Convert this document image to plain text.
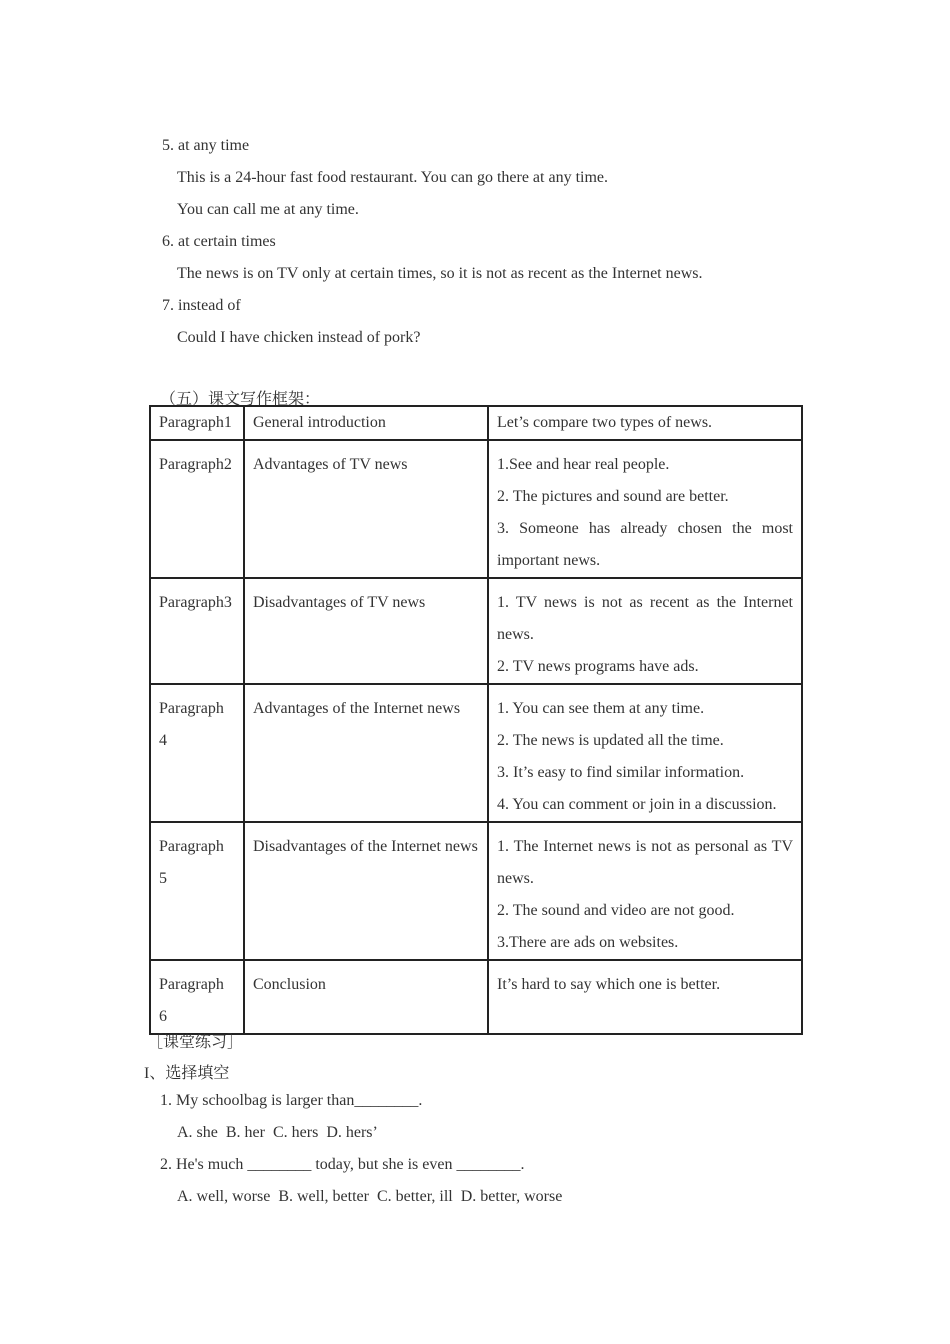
5. at any time
This is a 24-hour fast food restaurant. You can go there at any time.
You can call me at any time.
6. at certain times
The news is on TV only at certain times, so it is not as recent as the Internet news.
7. instead of
Could I have chicken instead of pork?
（五）课文写作框架：
Paragraph1	General introduction	Let’s compare two types of news.

Paragraph2	Advantages of TV news	1.See and hear real people.
2. The pictures and sound are better.
3. Someone has already chosen the most important news.

Paragraph3	Disadvantages of TV news	1. TV news is not as recent as the Internet news.
2. TV news programs have ads.

Paragraph 4	Advantages of the Internet news	1. You can see them at any time.
2. The news is updated all the time.
3. It’s easy to find similar information.
4. You can comment or join in a discussion.

Paragraph 5	Disadvantages of the Internet news	1. The Internet news is not as personal as TV news.
2. The sound and video are not good.
3.There are ads on websites.

Paragraph 6	Conclusion	It’s hard to say which one is better.
［课堂练习］
I、选择填空
1. My schoolbag is larger than________.
A. she  B. her  C. hers  D. hers’
2. He's much ________ today, but she is even ________.
A. well, worse  B. well, better  C. better, ill  D. better, worse
